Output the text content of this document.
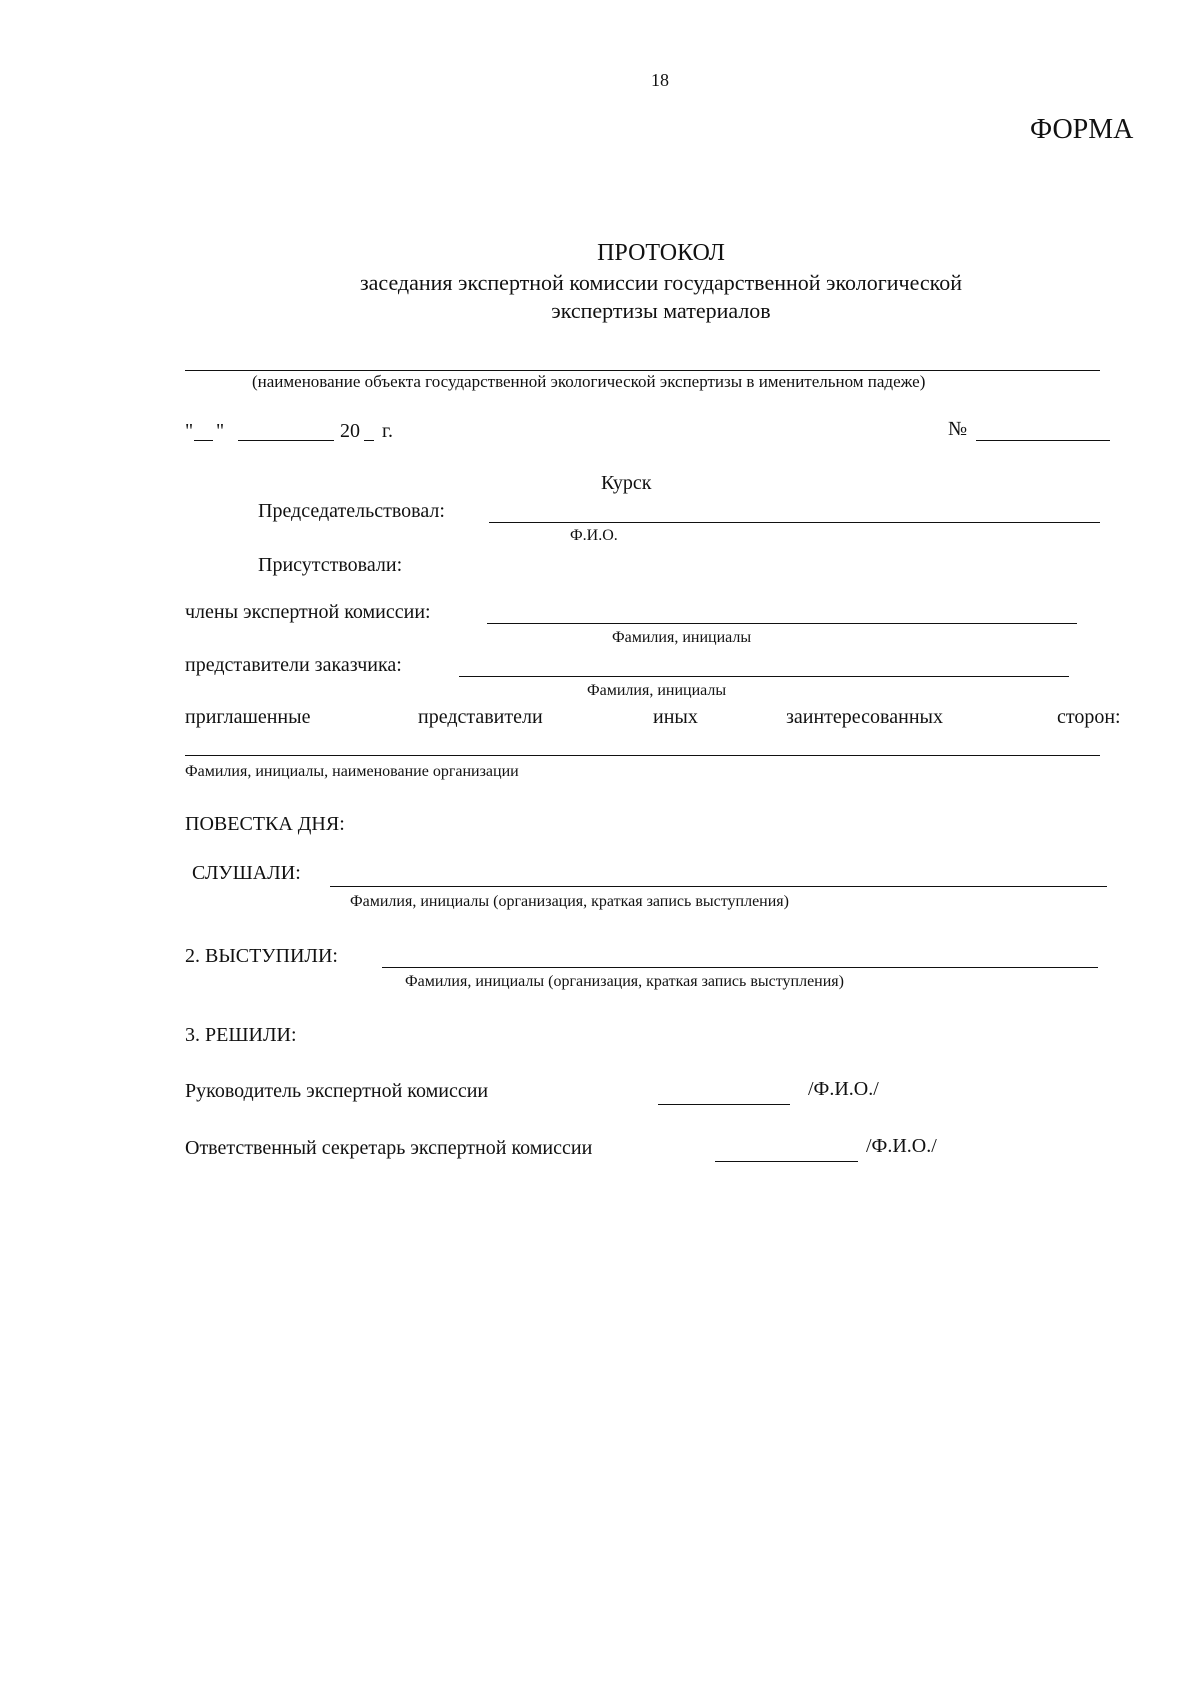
18
ФОРМА
ПРОТОКОЛ
заседания экспертной комиссии государственной экологической
экспертизы материалов
(наименование объекта государственной экологической экспертизы в именительном падеже)
" "	20 г.	№
Курск
Председательствовал:
Ф.И.О.
Присутствовали:
члены экспертной комиссии:
Фамилия, инициалы
представители заказчика:
Фамилия, инициалы
приглашенные	представители	иных	заинтересованных	сторон:
Фамилия, инициалы, наименование организации
ПОВЕСТКА ДНЯ:
СЛУШАЛИ:
Фамилия, инициалы (организация, краткая запись выступления)
2. ВЫСТУПИЛИ:
Фамилия, инициалы (организация, краткая запись выступления)
3. РЕШИЛИ:
Руководитель экспертной комиссии	/Ф.И.О./
Ответственный секретарь экспертной комиссии	/Ф.И.О./
